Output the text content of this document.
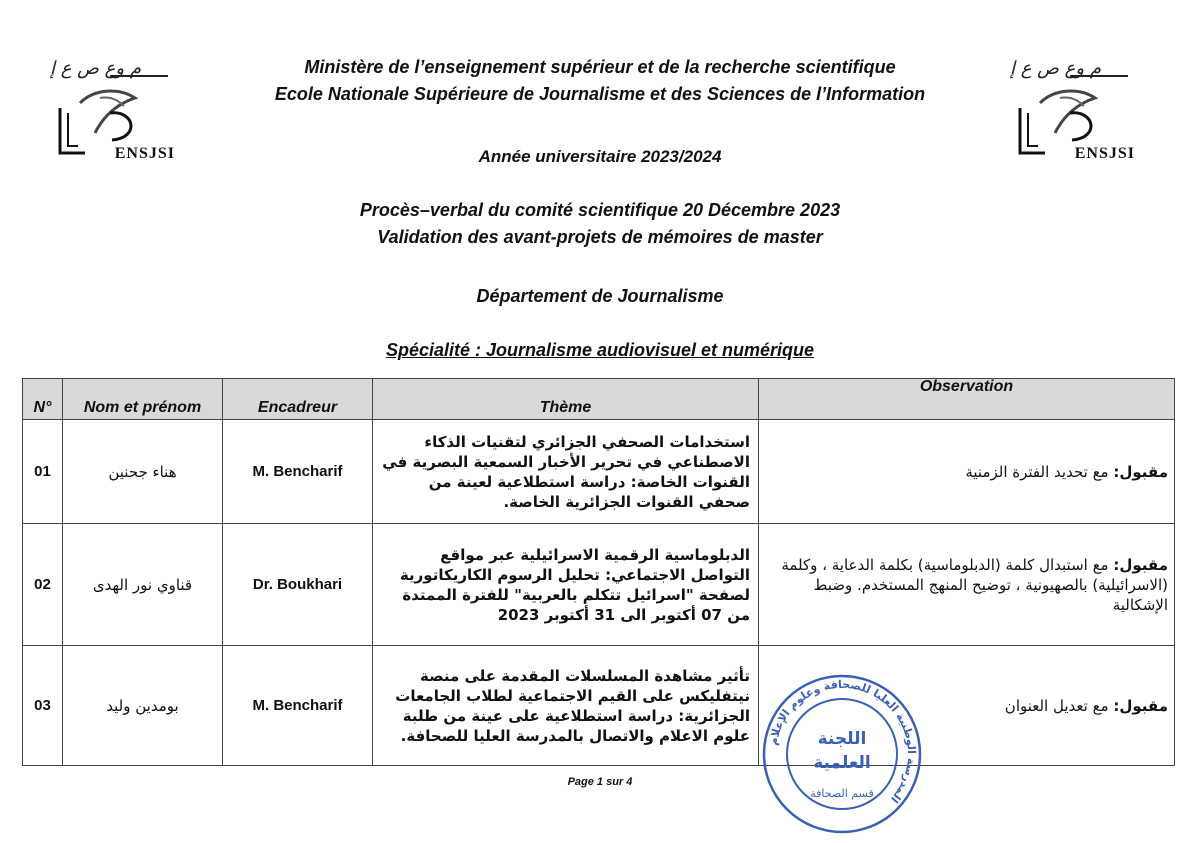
م وع ص ع إ
ENSJSI
م وع ص ع إ
ENSJSI
Ministère de l’enseignement supérieur et de la recherche scientifique
Ecole Nationale Supérieure de Journalisme et des Sciences de l’Information
Année universitaire 2023/2024
Procès–verbal du comité scientifique 20 Décembre 2023
Validation des avant-projets de mémoires de master
Département de Journalisme
Spécialité : Journalisme audiovisuel et numérique
N°	Nom et prénom	Encadreur	Thème	Observation

01	هناء جحنين	M. Bencharif	استخدامات الصحفي الجزائري لتقنيات الذكاء الاصطناعي في تحرير الأخبار السمعية البصرية في القنوات الخاصة: دراسة استطلاعية لعينة من صحفي القنوات الجزائرية الخاصة.	مقبول: مع تحديد الفترة الزمنية
02	قناوي نور الهدى	Dr. Boukhari	الدبلوماسية الرقمية الاسرائيلية عبر مواقع التواصل الاجتماعي: تحليل الرسوم الكاريكاتورية لصفحة "اسرائيل تتكلم بالعربية" للفترة الممتدة من 07 أكتوبر الى 31 أكتوبر 2023	مقبول: مع استبدال كلمة (الدبلوماسية) بكلمة الدعاية ، وكلمة (الاسرائيلية) بالصهيونية ، توضيح المنهج المستخدم. وضبط الإشكالية
03	بومدين وليد	M. Bencharif	تأثير مشاهدة المسلسلات المقدمة على منصة نيتفليكس على القيم الاجتماعية لطلاب الجامعات الجزائرية: دراسة استطلاعية على عينة من طلبة علوم الاعلام والاتصال بالمدرسة العليا للصحافة.	مقبول: مع تعديل العنوان
المدرسة الوطنية العليا للصحافة وعلوم الإعلام
اللجنة
العلمية
قسم الصحافة
Page 1 sur 4
